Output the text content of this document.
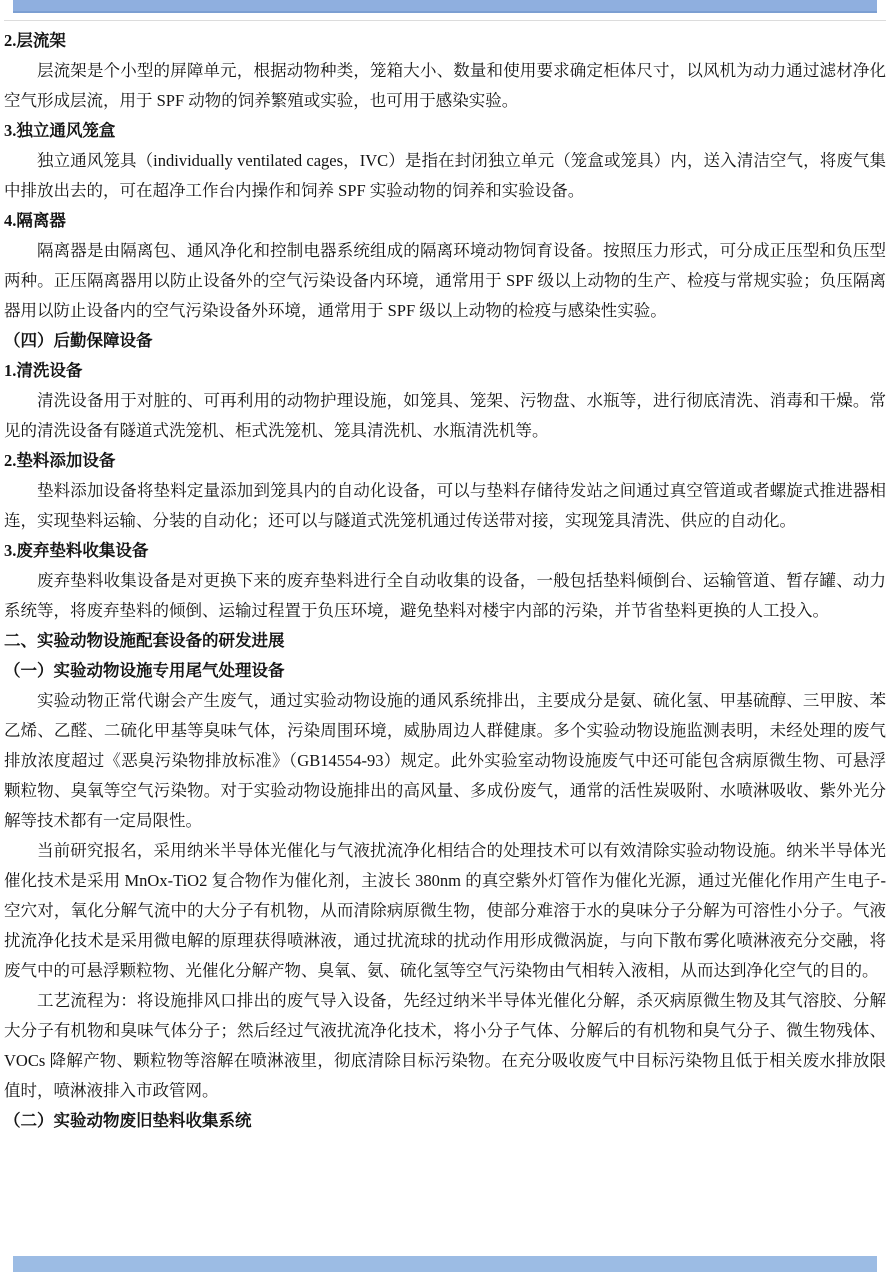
2.层流架

层流架是个小型的屏障单元，根据动物种类，笼箱大小、数量和使用要求确定柜体尺寸，以风机为动力通过滤材净化空气形成层流，用于 SPF 动物的饲养繁殖或实验，也可用于感染实验。

3.独立通风笼盒

独立通风笼具（individually ventilated cages，IVC）是指在封闭独立单元（笼盒或笼具）内，送入清洁空气，将废气集中排放出去的，可在超净工作台内操作和饲养 SPF 实验动物的饲养和实验设备。

4.隔离器

隔离器是由隔离包、通风净化和控制电器系统组成的隔离环境动物饲育设备。按照压力形式，可分成正压型和负压型两种。正压隔离器用以防止设备外的空气污染设备内环境，通常用于 SPF 级以上动物的生产、检疫与常规实验；负压隔离器用以防止设备内的空气污染设备外环境，通常用于 SPF 级以上动物的检疫与感染性实验。

（四）后勤保障设备
1.清洗设备

清洗设备用于对脏的、可再利用的动物护理设施，如笼具、笼架、污物盘、水瓶等，进行彻底清洗、消毒和干燥。常见的清洗设备有隧道式洗笼机、柜式洗笼机、笼具清洗机、水瓶清洗机等。

2.垫料添加设备

垫料添加设备将垫料定量添加到笼具内的自动化设备，可以与垫料存储待发站之间通过真空管道或者螺旋式推进器相连，实现垫料运输、分装的自动化；还可以与隧道式洗笼机通过传送带对接，实现笼具清洗、供应的自动化。

3.废弃垫料收集设备

废弃垫料收集设备是对更换下来的废弃垫料进行全自动收集的设备，一般包括垫料倾倒台、运输管道、暂存罐、动力系统等，将废弃垫料的倾倒、运输过程置于负压环境，避免垫料对楼宇内部的污染，并节省垫料更换的人工投入。

二、实验动物设施配套设备的研发进展
（一）实验动物设施专用尾气处理设备

实验动物正常代谢会产生废气，通过实验动物设施的通风系统排出，主要成分是氨、硫化氢、甲基硫醇、三甲胺、苯乙烯、乙醛、二硫化甲基等臭味气体，污染周围环境，威胁周边人群健康。多个实验动物设施监测表明，未经处理的废气排放浓度超过《恶臭污染物排放标准》（GB14554-93）规定。此外实验室动物设施废气中还可能包含病原微生物、可悬浮颗粒物、臭氧等空气污染物。对于实验动物设施排出的高风量、多成份废气，通常的活性炭吸附、水喷淋吸收、紫外光分解等技术都有一定局限性。

当前研究报名，采用纳米半导体光催化与气液扰流净化相结合的处理技术可以有效清除实验动物设施。纳米半导体光催化技术是采用 MnOx-TiO2 复合物作为催化剂，主波长 380nm 的真空紫外灯管作为催化光源，通过光催化作用产生电子-空穴对，氧化分解气流中的大分子有机物，从而清除病原微生物，使部分难溶于水的臭味分子分解为可溶性小分子。气液扰流净化技术是采用微电解的原理获得喷淋液，通过扰流球的扰动作用形成微涡旋，与向下散布雾化喷淋液充分交融，将废气中的可悬浮颗粒物、光催化分解产物、臭氧、氨、硫化氢等空气污染物由气相转入液相，从而达到净化空气的目的。

工艺流程为：将设施排风口排出的废气导入设备，先经过纳米半导体光催化分解，杀灭病原微生物及其气溶胶、分解大分子有机物和臭味气体分子；然后经过气液扰流净化技术，将小分子气体、分解后的有机物和臭气分子、微生物残体、VOCs 降解产物、颗粒物等溶解在喷淋液里，彻底清除目标污染物。在充分吸收废气中目标污染物且低于相关废水排放限值时，喷淋液排入市政管网。

（二）实验动物废旧垫料收集系统
